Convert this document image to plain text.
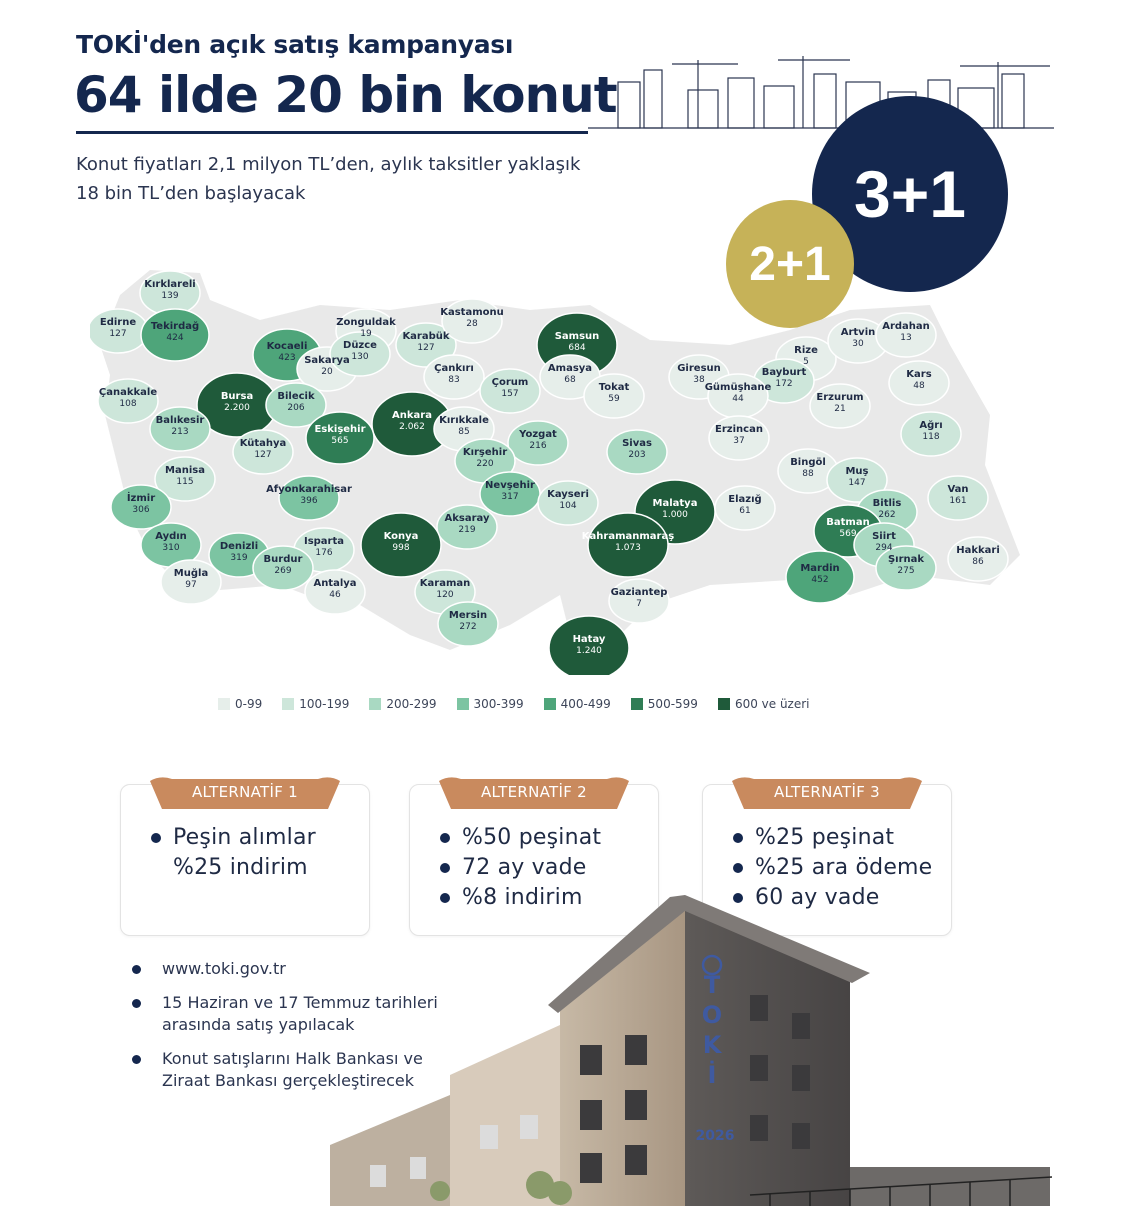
TOKİ'den açık satış kampanyası
64 ilde 20 bin konut
Konut fiyatları 2,1 milyon TL’den, aylık taksitler yaklaşık
18 bin TL’den başlayacak	3+1
2+1
Kırklareli
139
Edirne
127
Tekirdağ
424
Kocaeli
423 Sakarya
20
Zonguldak
19
Düzce
130
Karabük
127
Kastamonu
28
Samsun
684
Çankırı
83	Çorum
157
Amasya
68
Tokat
59
Giresun
38
Rize
5
Artvin
30
Ardahan
13
Bayburt
172
Gümüşhane
44
Kars
48
Erzurum
21
Ağrı
118
Erzincan
37
Çanakkale
108
Bursa
2.200
Bilecik
206
Eskişehir
565
Ankara
2.062
Kırıkkale
85	Yozgat
216	Sivas
203
Balıkesir
213
Kütahya
127	Kırşehir
220	Bingöl
88	Muş
147
Manisa
115
Afyonkarahisar
396
Nevşehir
317	Kayseri
104	Malatya
1.000
Elazığ
61
Bitlis
262
Van
161
İzmir
306
Aksaray
219
Batman
569
Aydın
310
Isparta
176
Konya
998
Kahramanmaraş
1.073
Siirt
294
Denizli
319 Burdur
269
Şırnak
275
Hakkari
86
Muğla
97
Mardin
452
Antalya
46
Karaman
120	Gaziantep
7
Mersin
272
Hatay
1.240
0-99	100-199	200-299	300-399	400-499	500-599	600 ve üzeri
ALTERNATİF 1
Peşin alımlar
%25 indirim
ALTERNATİF 2
%50 peşinat
72 ay vade
%8 indirim
ALTERNATİF 3
%25 peşinat
%25 ara ödeme
60 ay vade
www.toki.gov.tr
15 Haziran ve 17 Temmuz tarihleri arasında satış yapılacak
Konut satışlarını Halk Bankası ve Ziraat Bankası gerçekleştirecek
T O K İ
2026
